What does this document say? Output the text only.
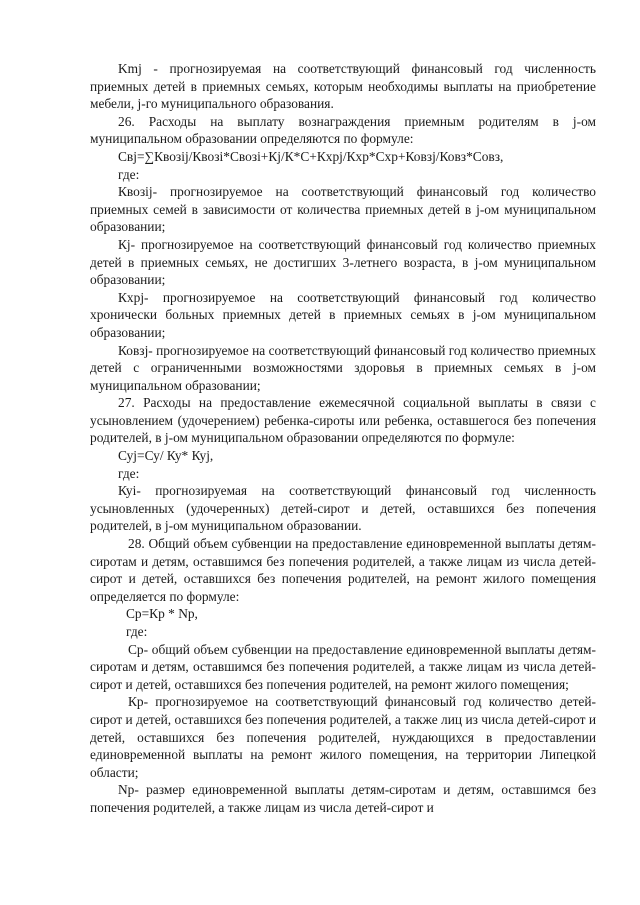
Kmj - прогнозируемая на соответствующий финансовый год численность приемных детей в приемных семьях, которым необходимы выплаты на приобретение мебели, j-го муниципального образования.

26. Расходы на выплату вознаграждения приемным родителям в j-ом муниципальном образовании определяются по формуле:

Свj=∑Квозij/Квозi*Свозi+Кj/К*С+Кхрj/Кхр*Схр+Ковзj/Ковз*Совз,

где:

Квозij- прогнозируемое на соответствующий финансовый год количество приемных семей в зависимости от количества приемных детей в j-ом муниципальном образовании;

Кj- прогнозируемое на соответствующий финансовый год количество приемных детей в приемных семьях, не достигших 3-летнего возраста, в j-ом муниципальном образовании;

Кхрj- прогнозируемое на соответствующий финансовый год количество хронически больных приемных детей в приемных семьях в j-ом муниципальном образовании;

Ковзj- прогнозируемое на соответствующий финансовый год количество приемных детей с ограниченными возможностями здоровья в приемных семьях в j-ом муниципальном образовании;

27. Расходы на предоставление ежемесячной социальной выплаты в связи с усыновлением (удочерением) ребенка-сироты или ребенка, оставшегося без попечения родителей, в j-ом муниципальном образовании определяются по формуле:

Суj=Су/ Ку* Куj,

где:

Куi- прогнозируемая на соответствующий финансовый год численность усыновленных (удочеренных) детей-сирот и детей, оставшихся без попечения родителей, в j-ом муниципальном образовании.

28. Общий объем субвенции на предоставление единовременной выплаты детям-сиротам и детям, оставшимся без попечения родителей, а также лицам из числа детей-сирот и детей, оставшихся без попечения родителей, на ремонт жилого помещения определяется по формуле:

Ср=Кр * Nр,

где:

Ср- общий объем субвенции на предоставление единовременной выплаты детям-сиротам и детям, оставшимся без попечения родителей, а также лицам из числа детей-сирот и детей, оставшихся без попечения родителей, на ремонт жилого помещения;

Кр- прогнозируемое на соответствующий финансовый год количество детей-сирот и детей, оставшихся без попечения родителей, а также лиц из числа детей-сирот и детей, оставшихся без попечения родителей, нуждающихся в предоставлении единовременной выплаты на ремонт жилого помещения, на территории Липецкой области;

Nр- размер единовременной выплаты детям-сиротам и детям, оставшимся без попечения родителей, а также лицам из числа детей-сирот и
